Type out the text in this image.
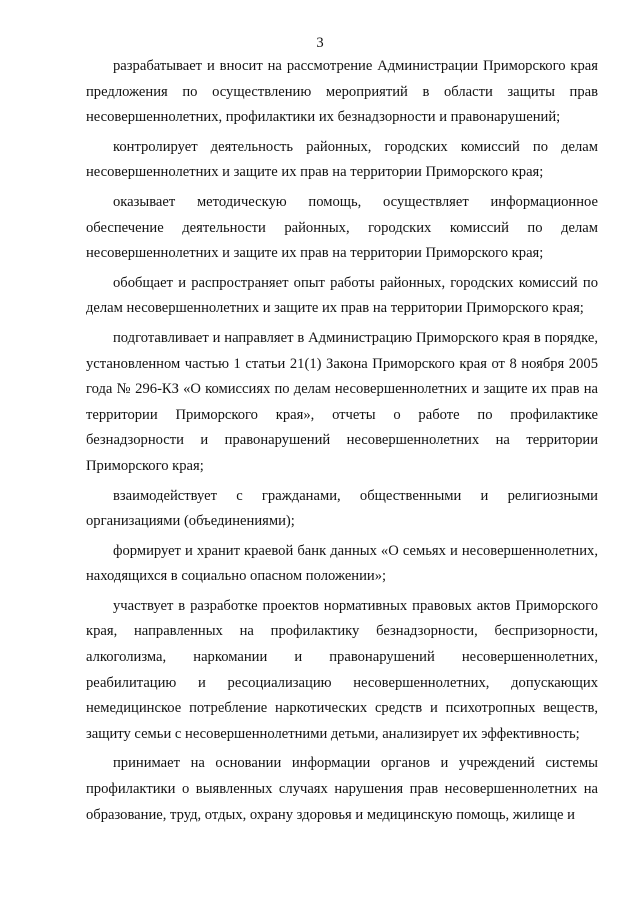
3

разрабатывает и вносит на рассмотрение Администрации Приморского края предложения по осуществлению мероприятий в области защиты прав несовершеннолетних, профилактики их безнадзорности и правонарушений;

контролирует деятельность районных, городских комиссий по делам несовершеннолетних и защите их прав на территории Приморского края;

оказывает методическую помощь, осуществляет информационное обеспечение деятельности районных, городских комиссий по делам несовершеннолетних и защите их прав на территории Приморского края;

обобщает и распространяет опыт работы районных, городских комиссий по делам несовершеннолетних и защите их прав на территории Приморского края;

подготавливает и направляет в Администрацию Приморского края в порядке, установленном частью 1 статьи 21(1) Закона Приморского края от 8 ноября 2005 года № 296-КЗ «О комиссиях по делам несовершеннолетних и защите их прав на территории Приморского края», отчеты о работе по профилактике безнадзорности и правонарушений несовершеннолетних на территории Приморского края;

взаимодействует с гражданами, общественными и религиозными организациями (объединениями);

формирует и хранит краевой банк данных «О семьях и несовершеннолетних, находящихся в социально опасном положении»;

участвует в разработке проектов нормативных правовых актов Приморского края, направленных на профилактику безнадзорности, беспризорности, алкоголизма, наркомании и правонарушений несовершеннолетних, реабилитацию и ресоциализацию несовершеннолетних, допускающих немедицинское потребление наркотических средств и психотропных веществ, защиту семьи с несовершеннолетними детьми, анализирует их эффективность;

принимает на основании информации органов и учреждений системы профилактики о выявленных случаях нарушения прав несовершеннолетних на образование, труд, отдых, охрану здоровья и медицинскую помощь, жилище и
